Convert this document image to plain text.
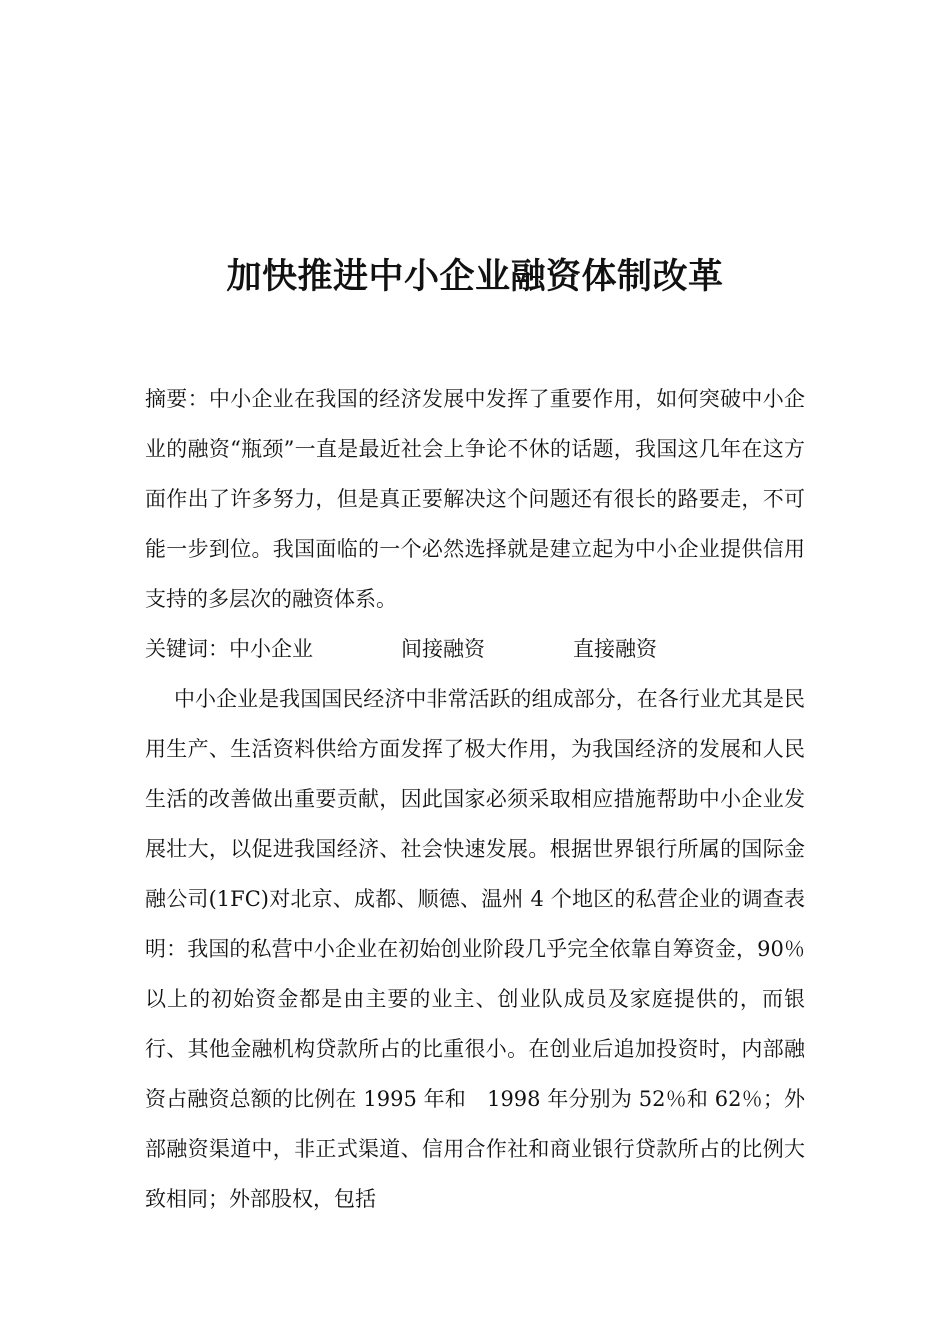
加快推进中小企业融资体制改革

摘要：中小企业在我国的经济发展中发挥了重要作用，如何突破中小企业的融资“瓶颈”一直是最近社会上争论不休的话题，我国这几年在这方面作出了许多努力，但是真正要解决这个问题还有很长的路要走，不可能一步到位。我国面临的一个必然选择就是建立起为中小企业提供信用支持的多层次的融资体系。

关键词：中小企业	间接融资	直接融资

中小企业是我国国民经济中非常活跃的组成部分，在各行业尤其是民用生产、生活资料供给方面发挥了极大作用，为我国经济的发展和人民生活的改善做出重要贡献，因此国家必须采取相应措施帮助中小企业发展壮大，以促进我国经济、社会快速发展。根据世界银行所属的国际金融公司(1FC)对北京、成都、顺德、温州 4 个地区的私营企业的调查表明：我国的私营中小企业在初始创业阶段几乎完全依靠自筹资金，90％以上的初始资金都是由主要的业主、创业队成员及家庭提供的，而银行、其他金融机构贷款所占的比重很小。在创业后追加投资时，内部融资占融资总额的比例在 1995 年和　1998 年分别为 52％和 62％；外部融资渠道中，非正式渠道、信用合作社和商业银行贷款所占的比例大致相同；外部股权，包括
